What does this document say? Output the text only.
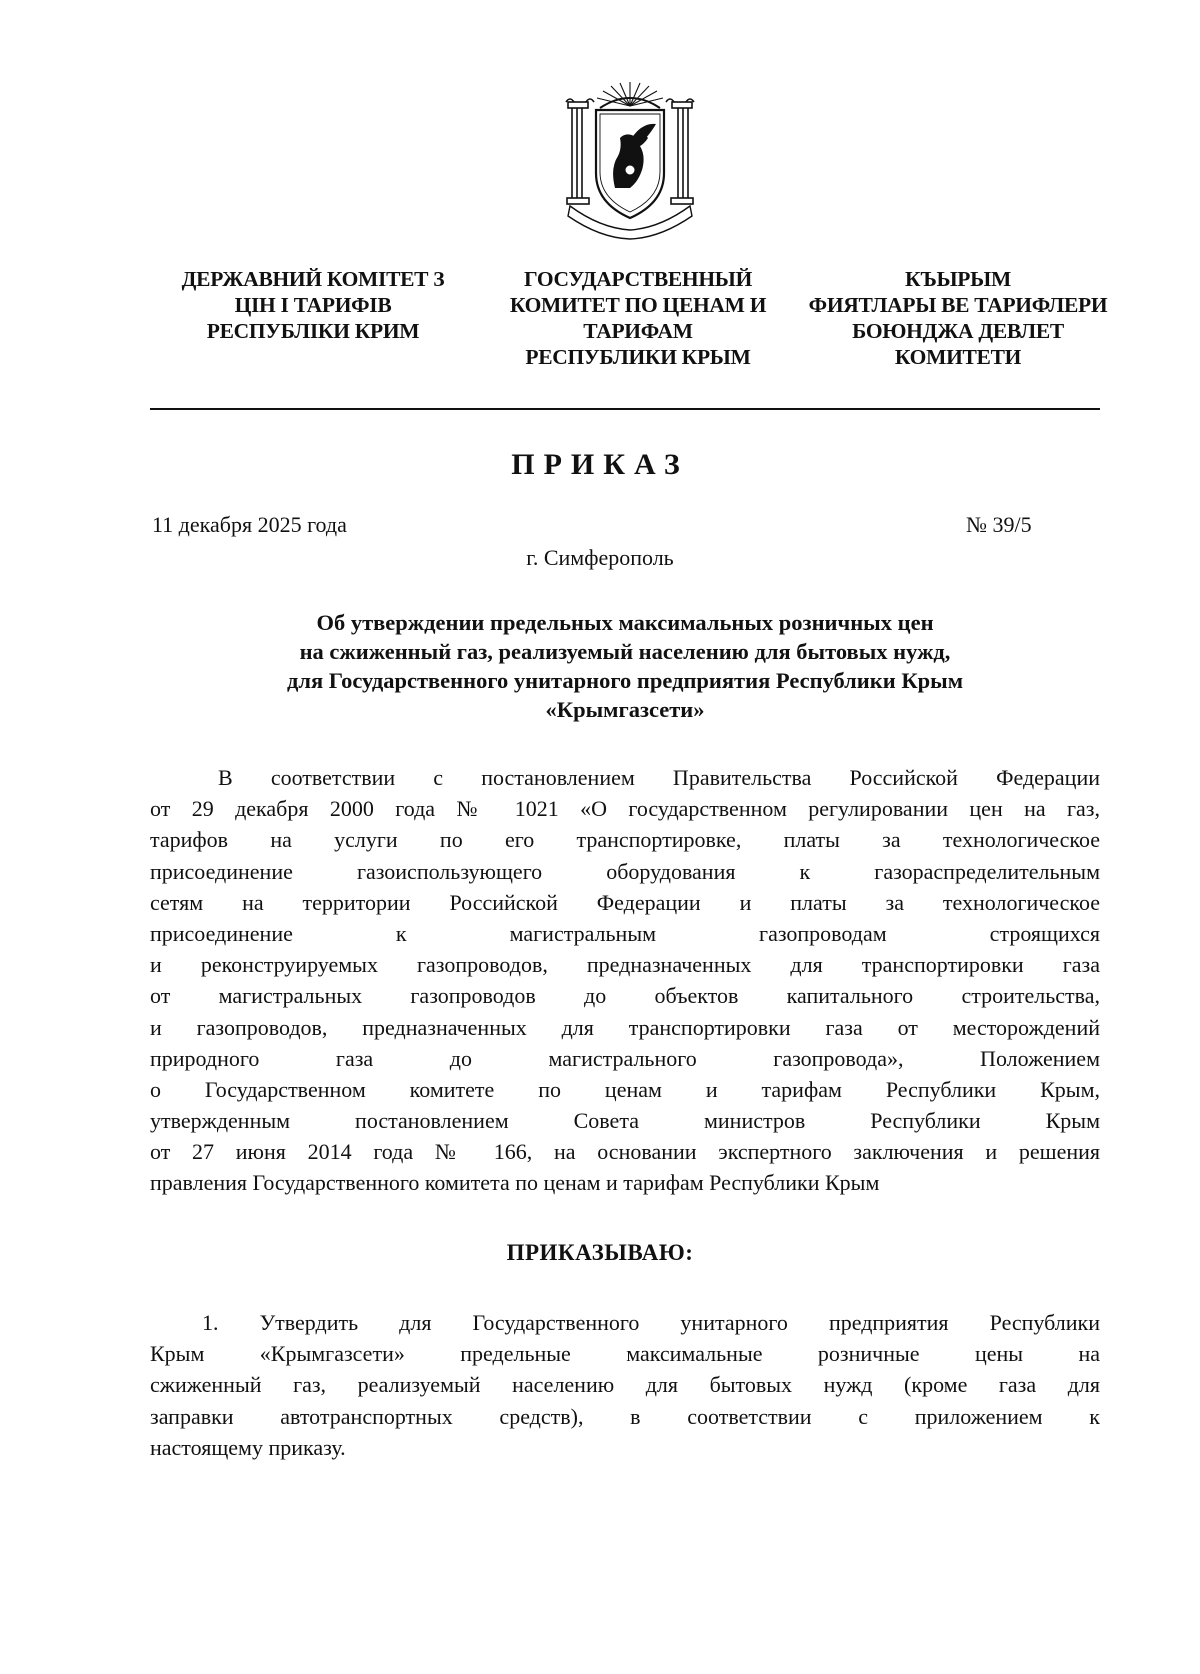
ДЕРЖАВНИЙ КОМІТЕТ З
ЦІН І ТАРИФІВ
РЕСПУБЛІКИ КРИМ
ГОСУДАРСТВЕННЫЙ
КОМИТЕТ ПО ЦЕНАМ И
ТАРИФАМ
РЕСПУБЛИКИ КРЫМ
КЪЫРЫМ
ФИЯТЛАРЫ ВЕ ТАРИФЛЕРИ
БОЮНДЖА ДЕВЛЕТ
КОМИТЕТИ
ПРИКАЗ
11 декабря 2025 года	№ 39/5
г. Симферополь
Об утверждении предельных максимальных розничных цен
на сжиженный газ, реализуемый населению для бытовых нужд,
для Государственного унитарного предприятия Республики Крым
«Крымгазсети»
В соответствии с постановлением Правительства Российской Федерации
от 29 декабря 2000 года № 1021 «О государственном регулировании цен на газ,
тарифов на услуги по его транспортировке, платы за технологическое
присоединение газоиспользующего оборудования к газораспределительным
сетям на территории Российской Федерации и платы за технологическое
присоединение к магистральным газопроводам строящихся
и реконструируемых газопроводов, предназначенных для транспортировки газа
от магистральных газопроводов до объектов капитального строительства,
и газопроводов, предназначенных для транспортировки газа от месторождений
природного газа до магистрального газопровода», Положением
о Государственном комитете по ценам и тарифам Республики Крым,
утвержденным постановлением Совета министров Республики Крым
от 27 июня 2014 года № 166, на основании экспертного заключения и решения
правления Государственного комитета по ценам и тарифам Республики Крым
ПРИКАЗЫВАЮ:
1. Утвердить для Государственного унитарного предприятия Республики
Крым «Крымгазсети» предельные максимальные розничные цены на
сжиженный газ, реализуемый населению для бытовых нужд (кроме газа для
заправки автотранспортных средств), в соответствии с приложением к
настоящему приказу.
